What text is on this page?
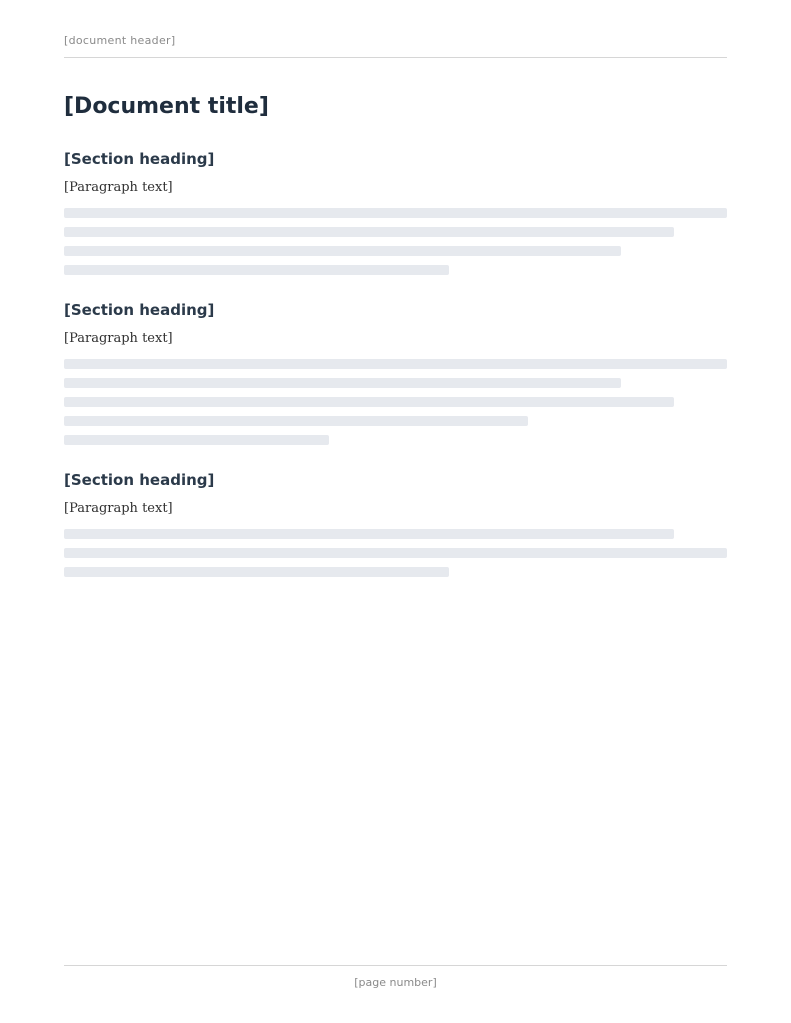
[document header]
[Document title]
[Section heading]

[Paragraph text]

[Section heading]

[Paragraph text]

[Section heading]

[Paragraph text]

[page number]
